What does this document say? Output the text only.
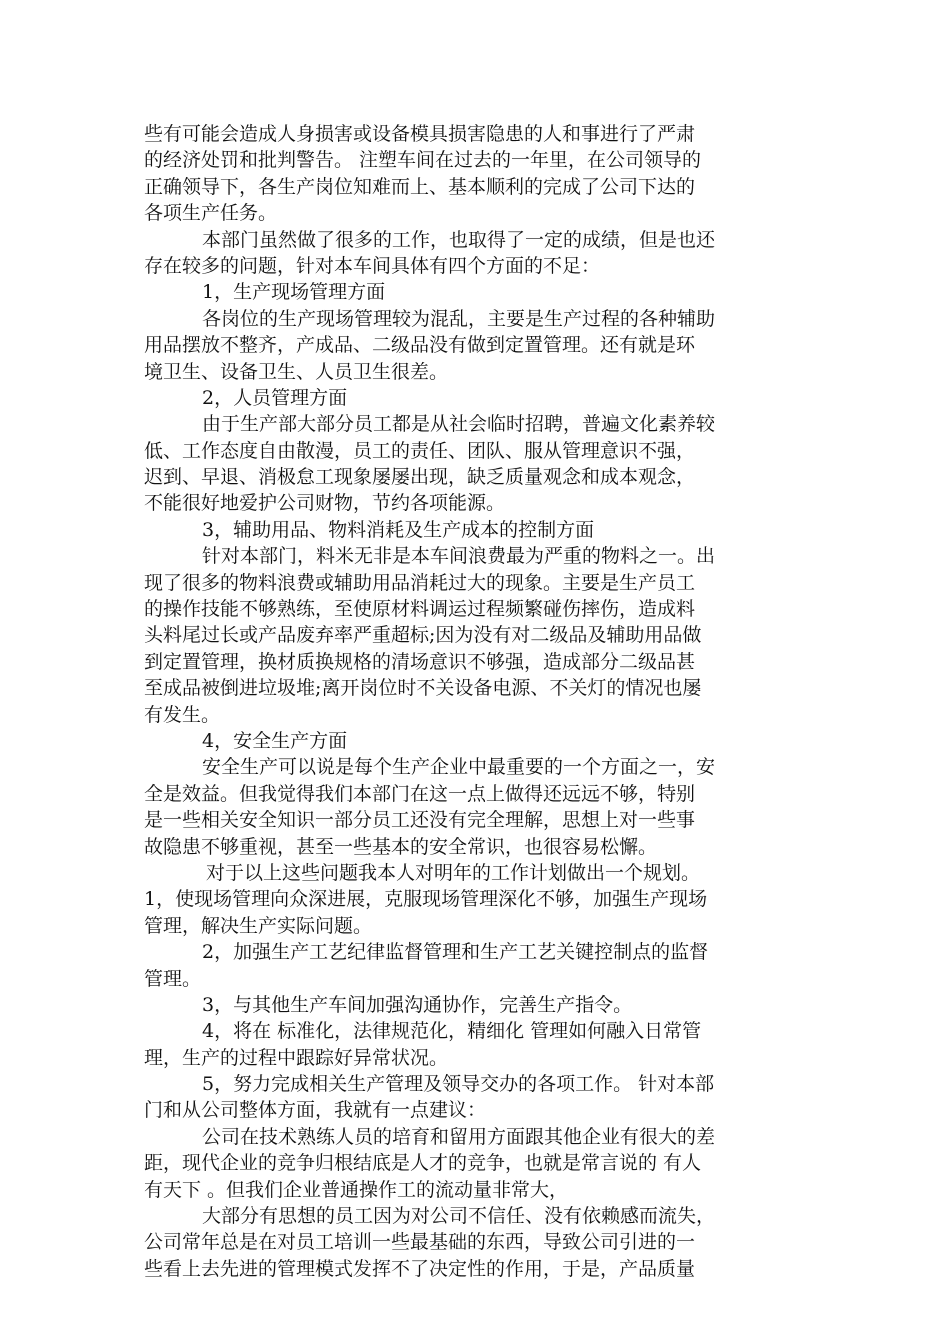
些有可能会造成人身损害或设备模具损害隐患的人和事进行了严肃
的经济处罚和批判警告。 注塑车间在过去的一年里，在公司领导的
正确领导下，各生产岗位知难而上、基本顺利的完成了公司下达的
各项生产任务。
本部门虽然做了很多的工作，也取得了一定的成绩，但是也还
存在较多的问题，针对本车间具体有四个方面的不足：
1，生产现场管理方面
各岗位的生产现场管理较为混乱，主要是生产过程的各种辅助
用品摆放不整齐，产成品、二级品没有做到定置管理。还有就是环
境卫生、设备卫生、人员卫生很差。
2，人员管理方面
由于生产部大部分员工都是从社会临时招聘，普遍文化素养较
低、工作态度自由散漫，员工的责任、团队、服从管理意识不强，
迟到、早退、消极怠工现象屡屡出现，缺乏质量观念和成本观念，
不能很好地爱护公司财物，节约各项能源。
3，辅助用品、物料消耗及生产成本的控制方面
针对本部门，料米无非是本车间浪费最为严重的物料之一。出
现了很多的物料浪费或辅助用品消耗过大的现象。主要是生产员工
的操作技能不够熟练，至使原材料调运过程频繁碰伤摔伤，造成料
头料尾过长或产品废弃率严重超标;因为没有对二级品及辅助用品做
到定置管理，换材质换规格的清场意识不够强，造成部分二级品甚
至成品被倒进垃圾堆;离开岗位时不关设备电源、不关灯的情况也屡
有发生。
4，安全生产方面
安全生产可以说是每个生产企业中最重要的一个方面之一，安
全是效益。但我觉得我们本部门在这一点上做得还远远不够，特别
是一些相关安全知识一部分员工还没有完全理解，思想上对一些事
故隐患不够重视，甚至一些基本的安全常识，也很容易松懈。
对于以上这些问题我本人对明年的工作计划做出一个规划。
1，使现场管理向众深进展，克服现场管理深化不够，加强生产现场
管理，解决生产实际问题。
2，加强生产工艺纪律监督管理和生产工艺关键控制点的监督
管理。
3，与其他生产车间加强沟通协作，完善生产指令。
4，将在 标准化，法律规范化，精细化 管理如何融入日常管
理，生产的过程中跟踪好异常状况。
5，努力完成相关生产管理及领导交办的各项工作。 针对本部
门和从公司整体方面，我就有一点建议：
公司在技术熟练人员的培育和留用方面跟其他企业有很大的差
距，现代企业的竞争归根结底是人才的竞争，也就是常言说的 有人
有天下 。但我们企业普通操作工的流动量非常大，
大部分有思想的员工因为对公司不信任、没有依赖感而流失，
公司常年总是在对员工培训一些最基础的东西，导致公司引进的一
些看上去先进的管理模式发挥不了决定性的作用，于是，产品质量
